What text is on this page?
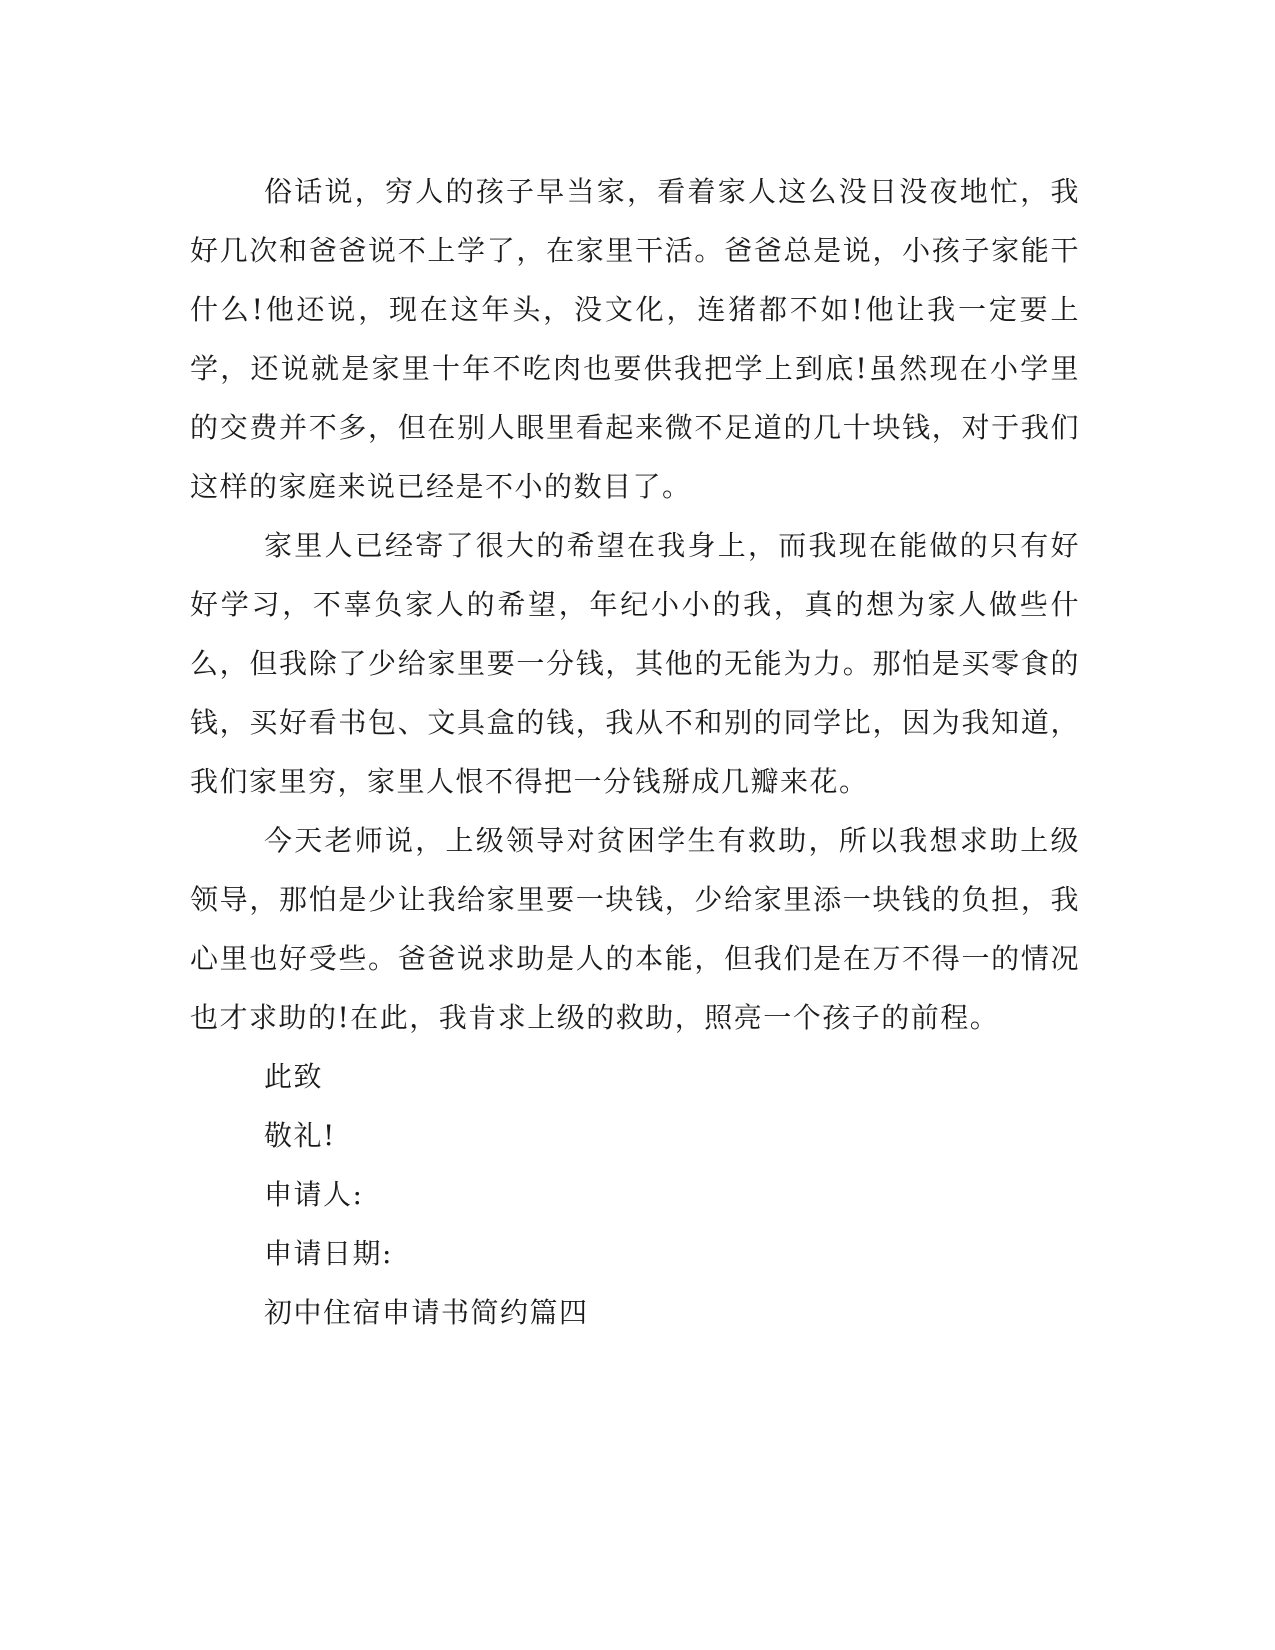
俗话说，穷人的孩子早当家，看着家人这么没日没夜地忙，我好几次和爸爸说不上学了，在家里干活。爸爸总是说，小孩子家能干什么!他还说，现在这年头，没文化，连猪都不如!他让我一定要上学，还说就是家里十年不吃肉也要供我把学上到底!虽然现在小学里的交费并不多，但在别人眼里看起来微不足道的几十块钱，对于我们这样的家庭来说已经是不小的数目了。

家里人已经寄了很大的希望在我身上，而我现在能做的只有好好学习，不辜负家人的希望，年纪小小的我，真的想为家人做些什么，但我除了少给家里要一分钱，其他的无能为力。那怕是买零食的钱，买好看书包、文具盒的钱，我从不和别的同学比，因为我知道，我们家里穷，家里人恨不得把一分钱掰成几瓣来花。

今天老师说，上级领导对贫困学生有救助，所以我想求助上级领导，那怕是少让我给家里要一块钱，少给家里添一块钱的负担，我心里也好受些。爸爸说求助是人的本能，但我们是在万不得一的情况也才求助的!在此，我肯求上级的救助，照亮一个孩子的前程。

此致

敬礼!

申请人:

申请日期:

初中住宿申请书简约篇四
